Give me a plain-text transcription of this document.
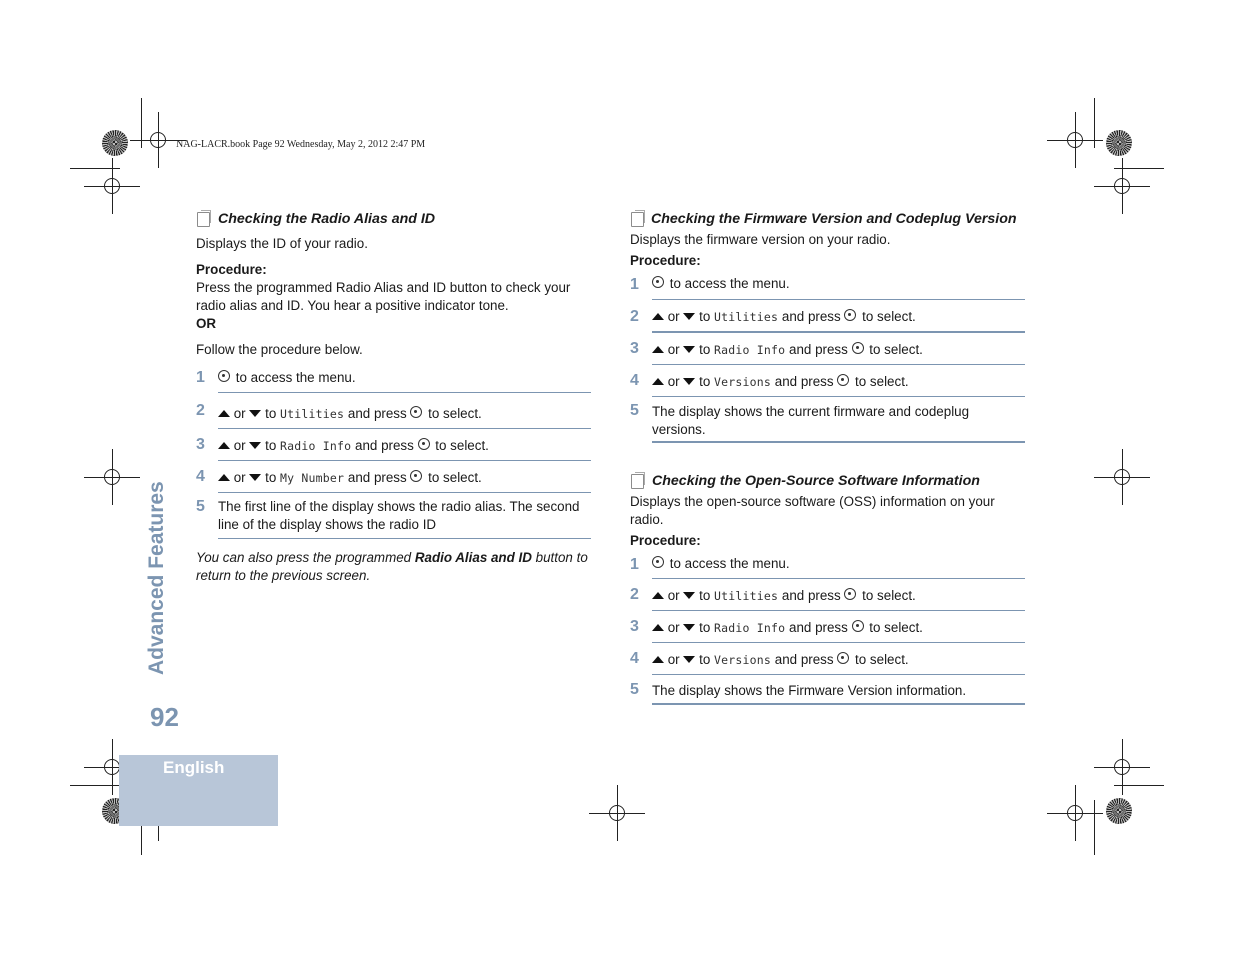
NAG-LACR.book Page 92 Wednesday, May 2, 2012 2:47 PM
Advanced Features
92
English
Checking the Radio Alias and ID

Displays the ID of your radio.

Procedure:

Press the programmed Radio Alias and ID button to check your radio alias and ID. You hear a positive indicator tone.

OR

Follow the procedure below.

1	to access the menu.
2	or to Utilities and press to select.
3	or to Radio Info and press to select.
4	or to My Number and press to select.
5 The first line of the display shows the radio alias. The second line of the display shows the radio ID

You can also press the programmed Radio Alias and ID button to return to the previous screen.

Checking the Firmware Version and Codeplug Version

Displays the firmware version on your radio.

Procedure:

1	to access the menu.
2	or to Utilities and press to select.
3	or to Radio Info and press to select.
4	or to Versions and press to select.
5 The display shows the current firmware and codeplug versions.
Checking the Open-Source Software Information

Displays the open-source software (OSS) information on your radio.

Procedure:

1	to access the menu.
2	or to Utilities and press to select.
3	or to Radio Info and press to select.
4	or to Versions and press to select.
5 The display shows the Firmware Version information.
